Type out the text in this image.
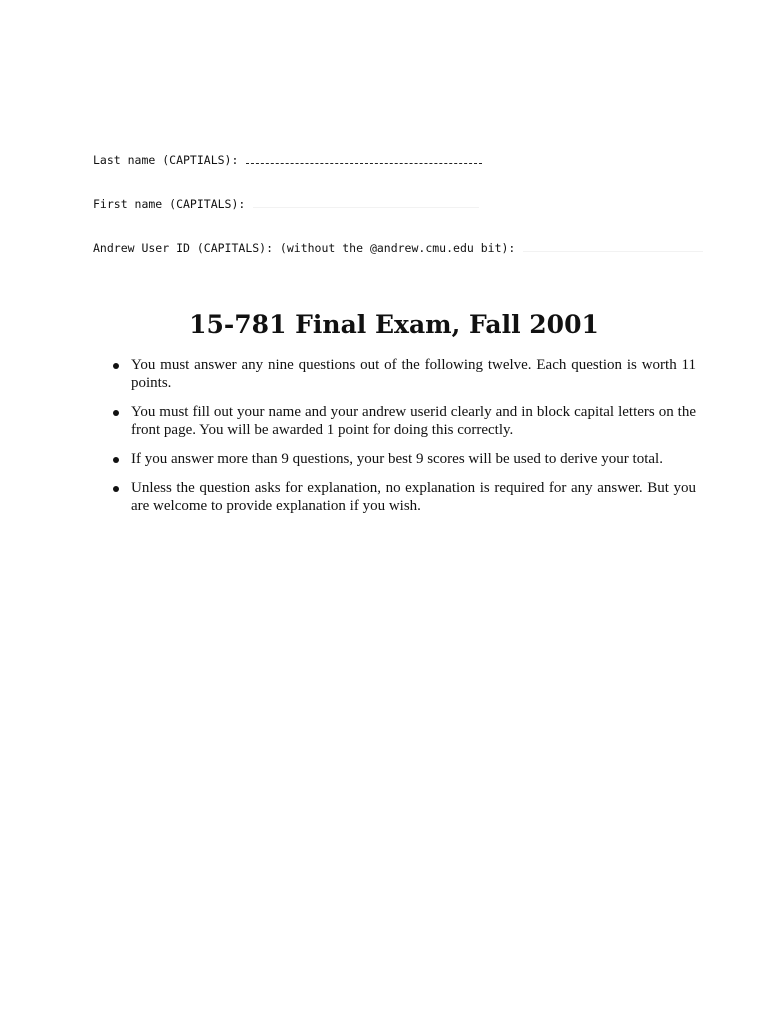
Last name (CAPTIALS):
First name (CAPITALS):
Andrew User ID (CAPITALS): (without the @andrew.cmu.edu bit):
15-781 Final Exam, Fall 2001
You must answer any nine questions out of the following twelve. Each question is worth 11 points.
You must fill out your name and your andrew userid clearly and in block capital letters on the front page. You will be awarded 1 point for doing this correctly.
If you answer more than 9 questions, your best 9 scores will be used to derive your total.
Unless the question asks for explanation, no explanation is required for any answer. But you are welcome to provide explanation if you wish.
